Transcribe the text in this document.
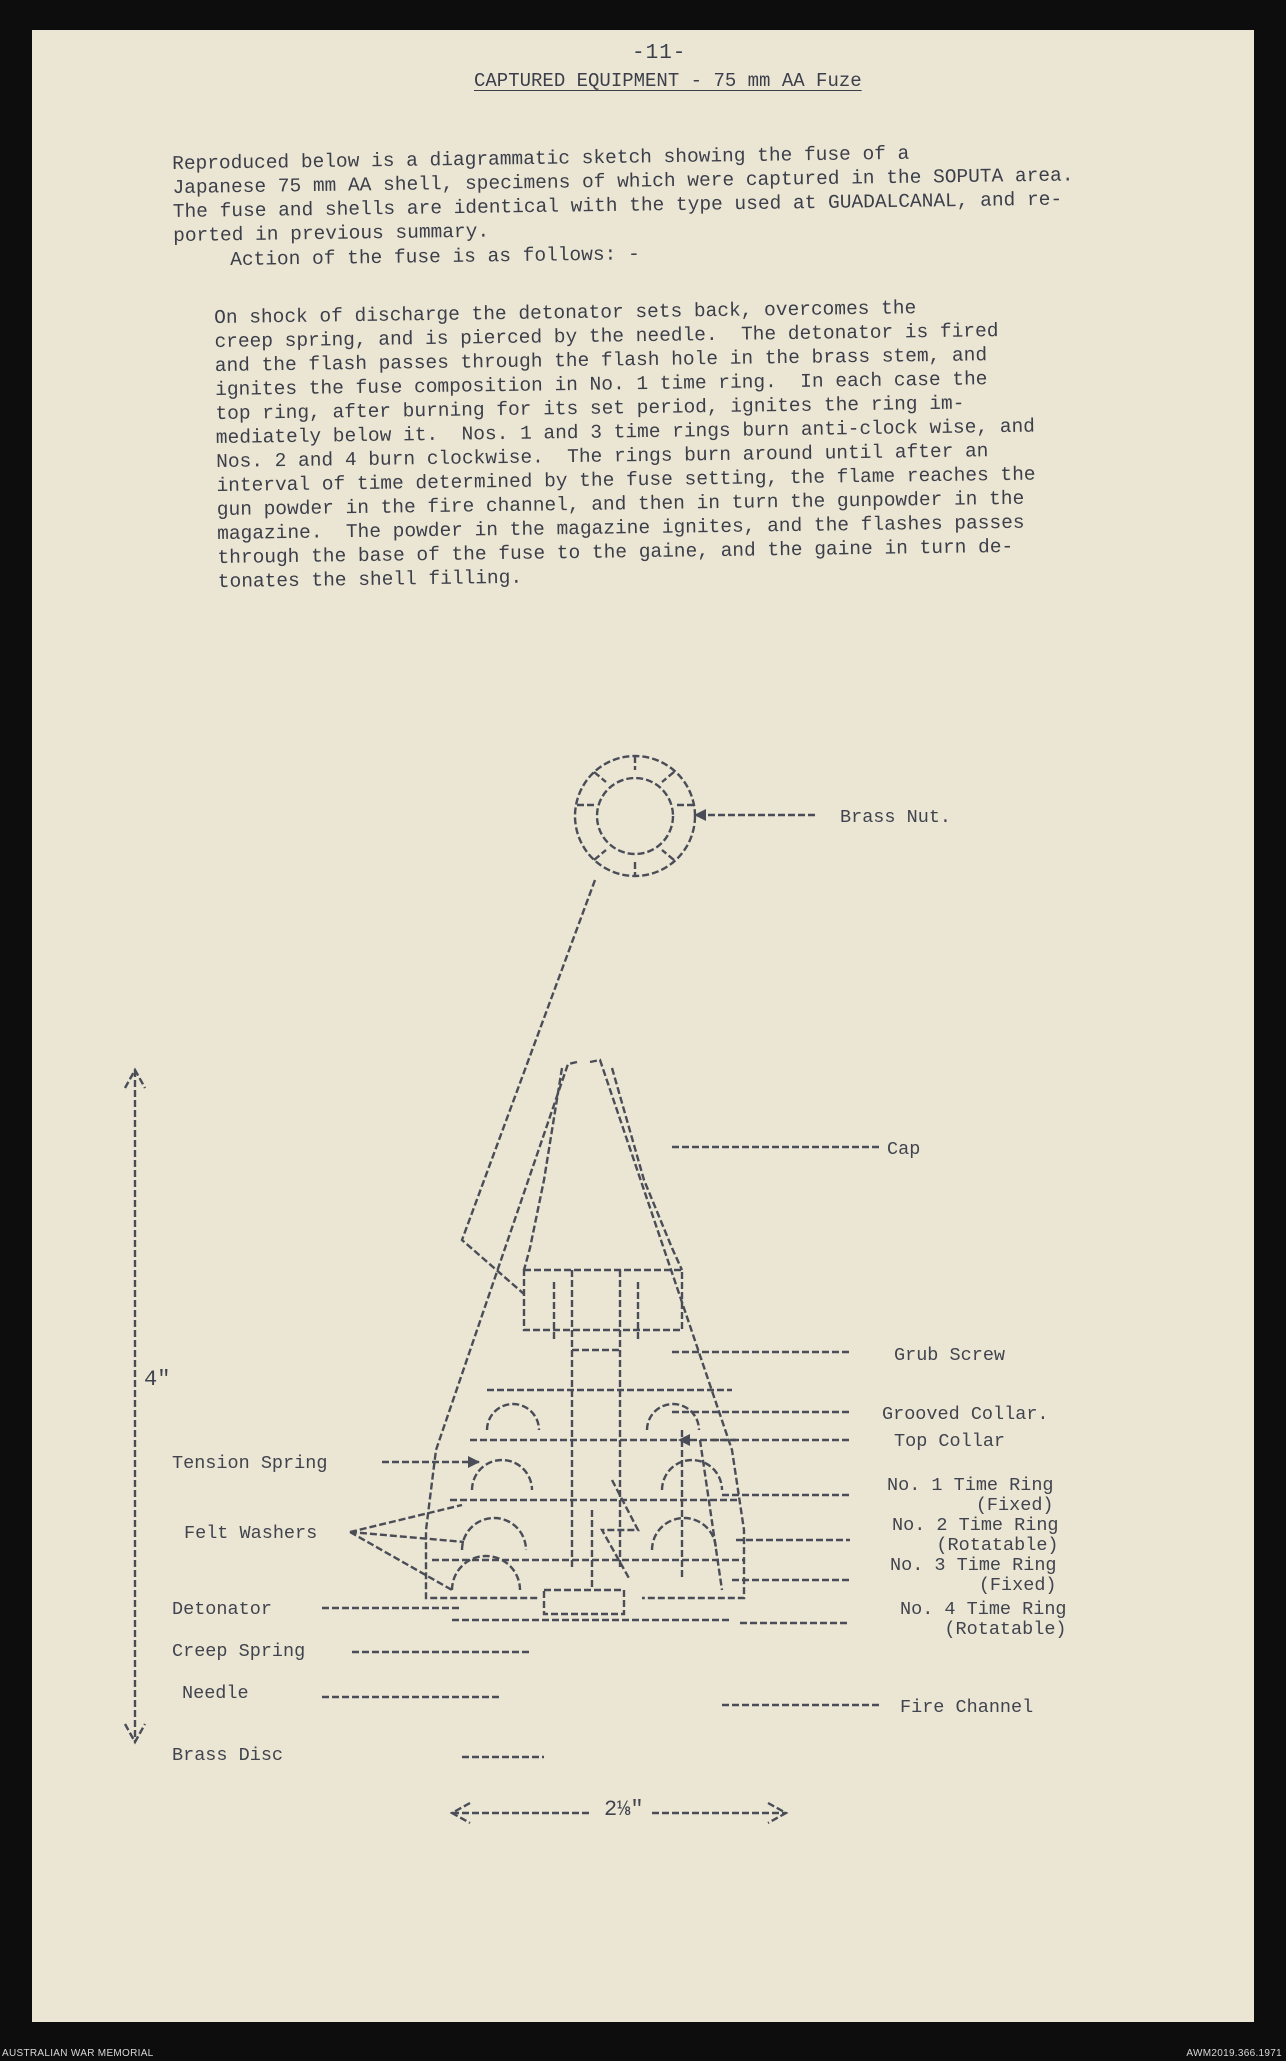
-11-
CAPTURED EQUIPMENT - 75 mm AA Fuze

Reproduced below is a diagrammatic sketch showing the fuse of a
Japanese 75 mm AA shell, specimens of which were captured in the SOPUTA area.
The fuse and shells are identical with the type used at GUADALCANAL, and re-
ported in previous summary.

Action of the fuse is as follows: -

On shock of discharge the detonator sets back, overcomes the
creep spring, and is pierced by the needle.  The detonator is fired
and the flash passes through the flash hole in the brass stem, and
ignites the fuse composition in No. 1 time ring.  In each case the
top ring, after burning for its set period, ignites the ring im-
mediately below it.  Nos. 1 and 3 time rings burn anti-clock wise, and
Nos. 2 and 4 burn clockwise.  The rings burn around until after an
interval of time determined by the fuse setting, the flame reaches the
gun powder in the fire channel, and then in turn the gunpowder in the
magazine.  The powder in the magazine ignites, and the flashes passes
through the base of the fuse to the gaine, and the gaine in turn de-
tonates the shell filling.

Brass Nut.
Cap
Grub Screw
Grooved Collar.
Top Collar
No. 1 Time Ring
(Fixed)
No. 2 Time Ring
(Rotatable)
No. 3 Time Ring
(Fixed)
No. 4 Time Ring
(Rotatable)
Fire Channel
Tension Spring
Felt Washers
Detonator
Creep Spring
Needle
Brass Disc
4"
2⅛"
AUSTRALIAN WAR MEMORIAL	AWM2019.366.1971
